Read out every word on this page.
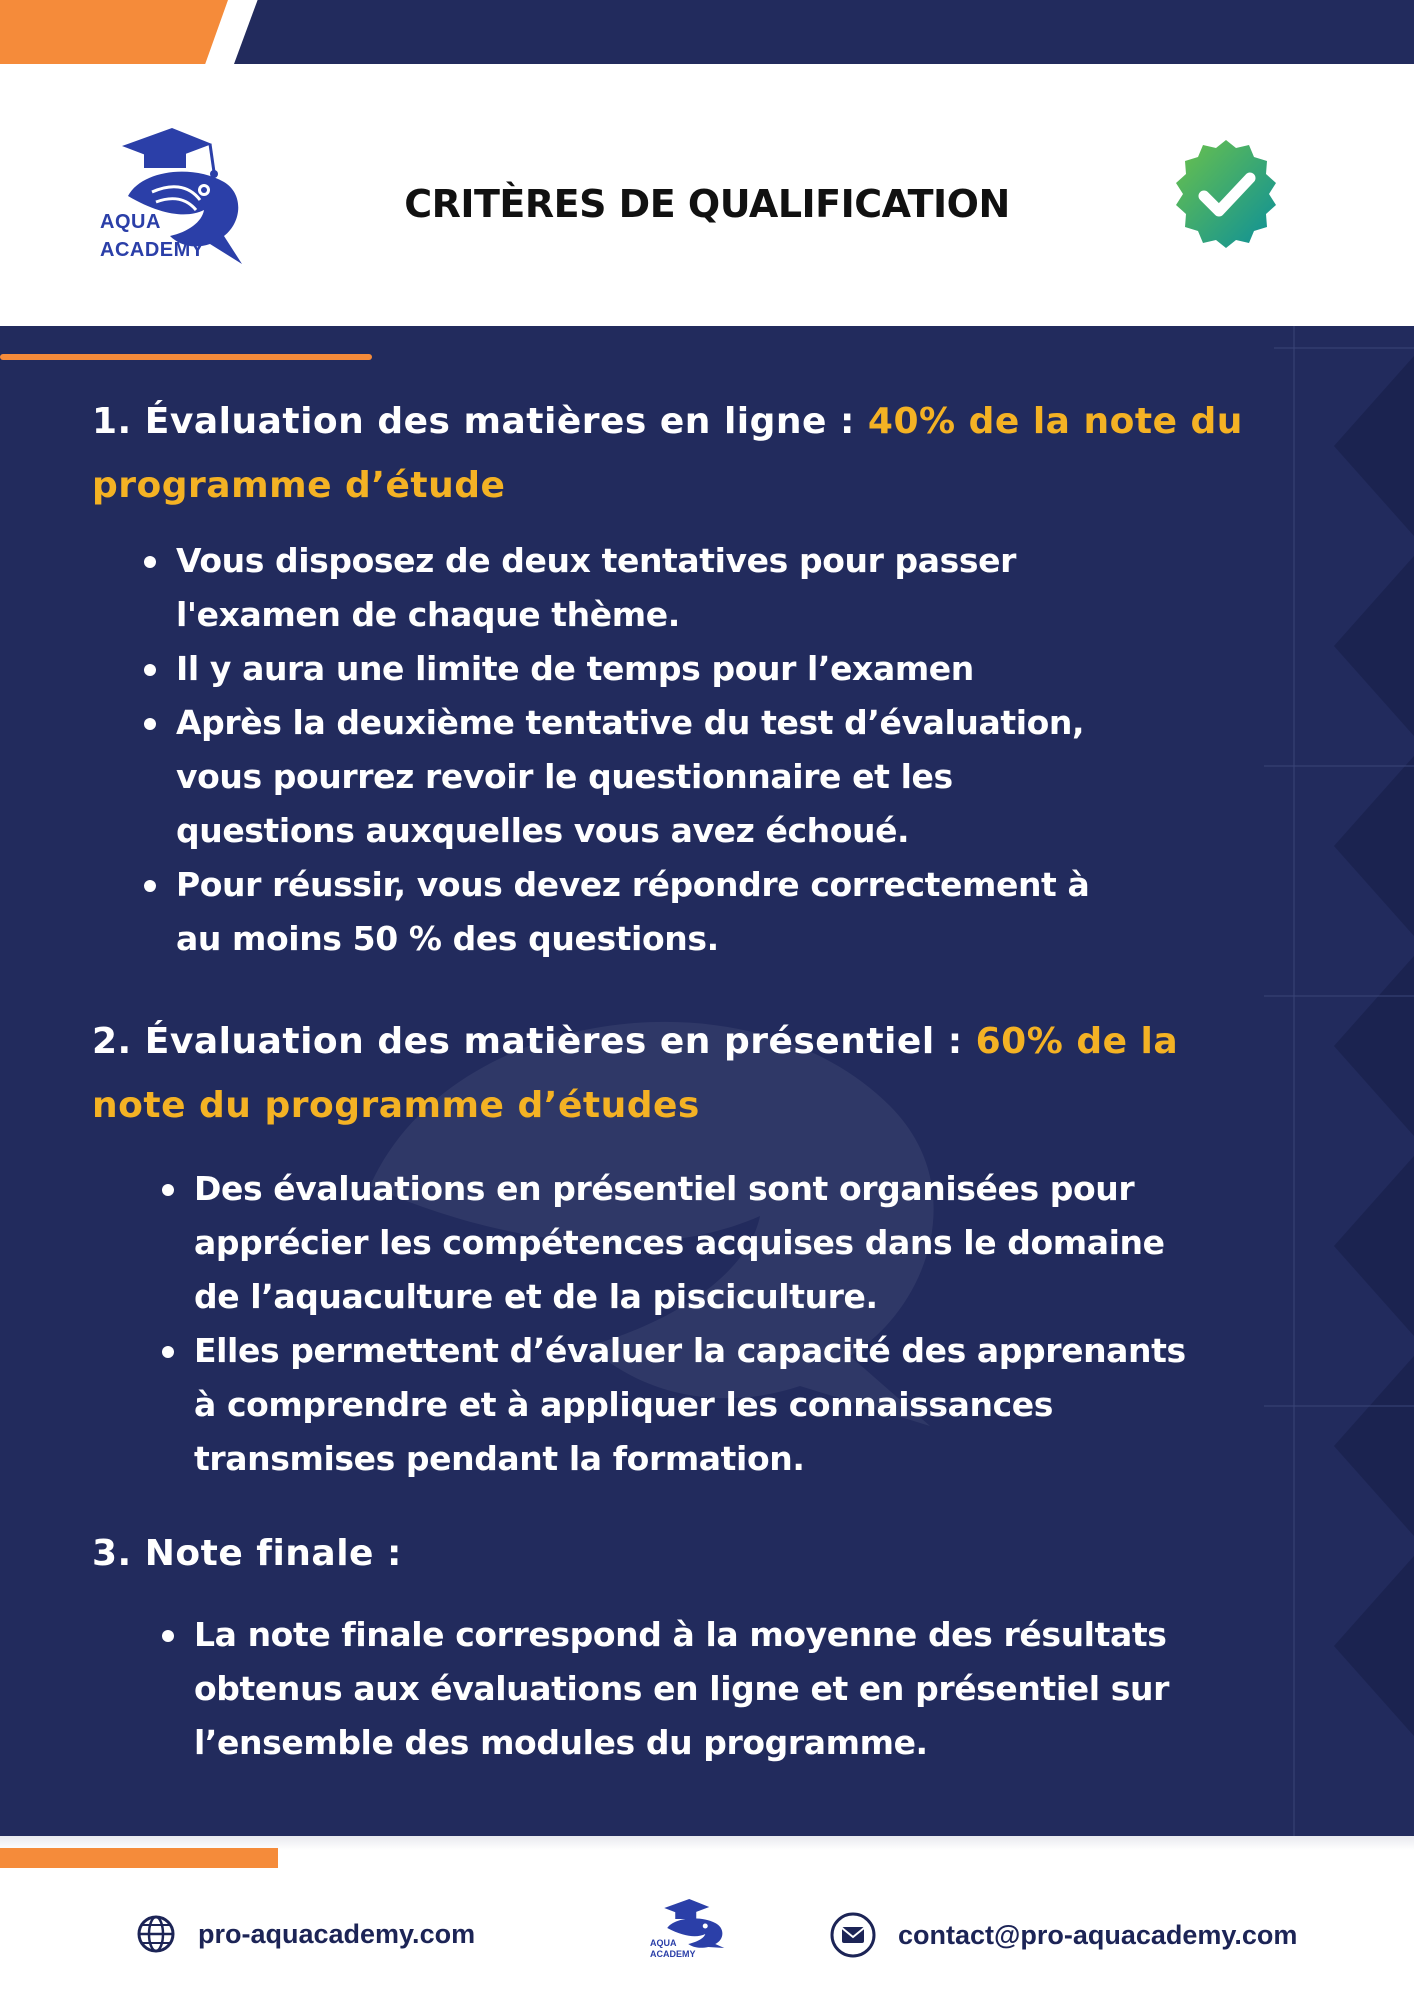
AQUA
ACADEMY
CRITÈRES DE QUALIFICATION
1. Évaluation des matières en ligne : 40% de la note du programme d’étude
Vous disposez de deux tentatives pour passer l'examen de chaque thème.
Il y aura une limite de temps pour l’examen
Après la deuxième tentative du test d’évaluation, vous pourrez revoir le questionnaire et les questions auxquelles vous avez échoué.
Pour réussir, vous devez répondre correctement à au moins 50 % des questions.
2. Évaluation des matières en présentiel : 60% de la note du programme d’études
Des évaluations en présentiel sont organisées pour apprécier les compétences acquises dans le domaine de l’aquaculture et de la pisciculture.
Elles permettent d’évaluer la capacité des apprenants à comprendre et à appliquer les connaissances transmises pendant la formation.
3. Note finale :
La note finale correspond à la moyenne des résultats obtenus aux évaluations en ligne et en présentiel sur l’ensemble des modules du programme.
pro-aquacademy.com	AQUA
ACADEMY
contact@pro-aquacademy.com
